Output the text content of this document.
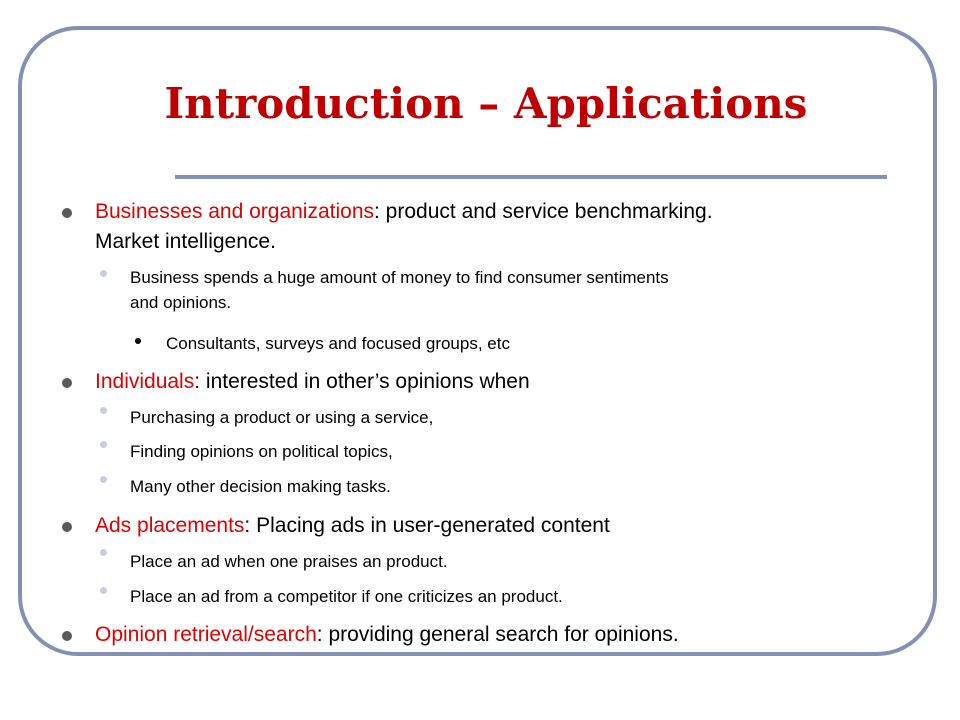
Introduction – Applications
Businesses and organizations: product and service benchmarking.
Market intelligence.
Business spends a huge amount of money to find consumer sentiments
and opinions.
Consultants, surveys and focused groups, etc
Individuals: interested in other’s opinions when
Purchasing a product or using a service,
Finding opinions on political topics,
Many other decision making tasks.
Ads placements: Placing ads in user-generated content
Place an ad when one praises an product.
Place an ad from a competitor if one criticizes an product.
Opinion retrieval/search: providing general search for opinions.
